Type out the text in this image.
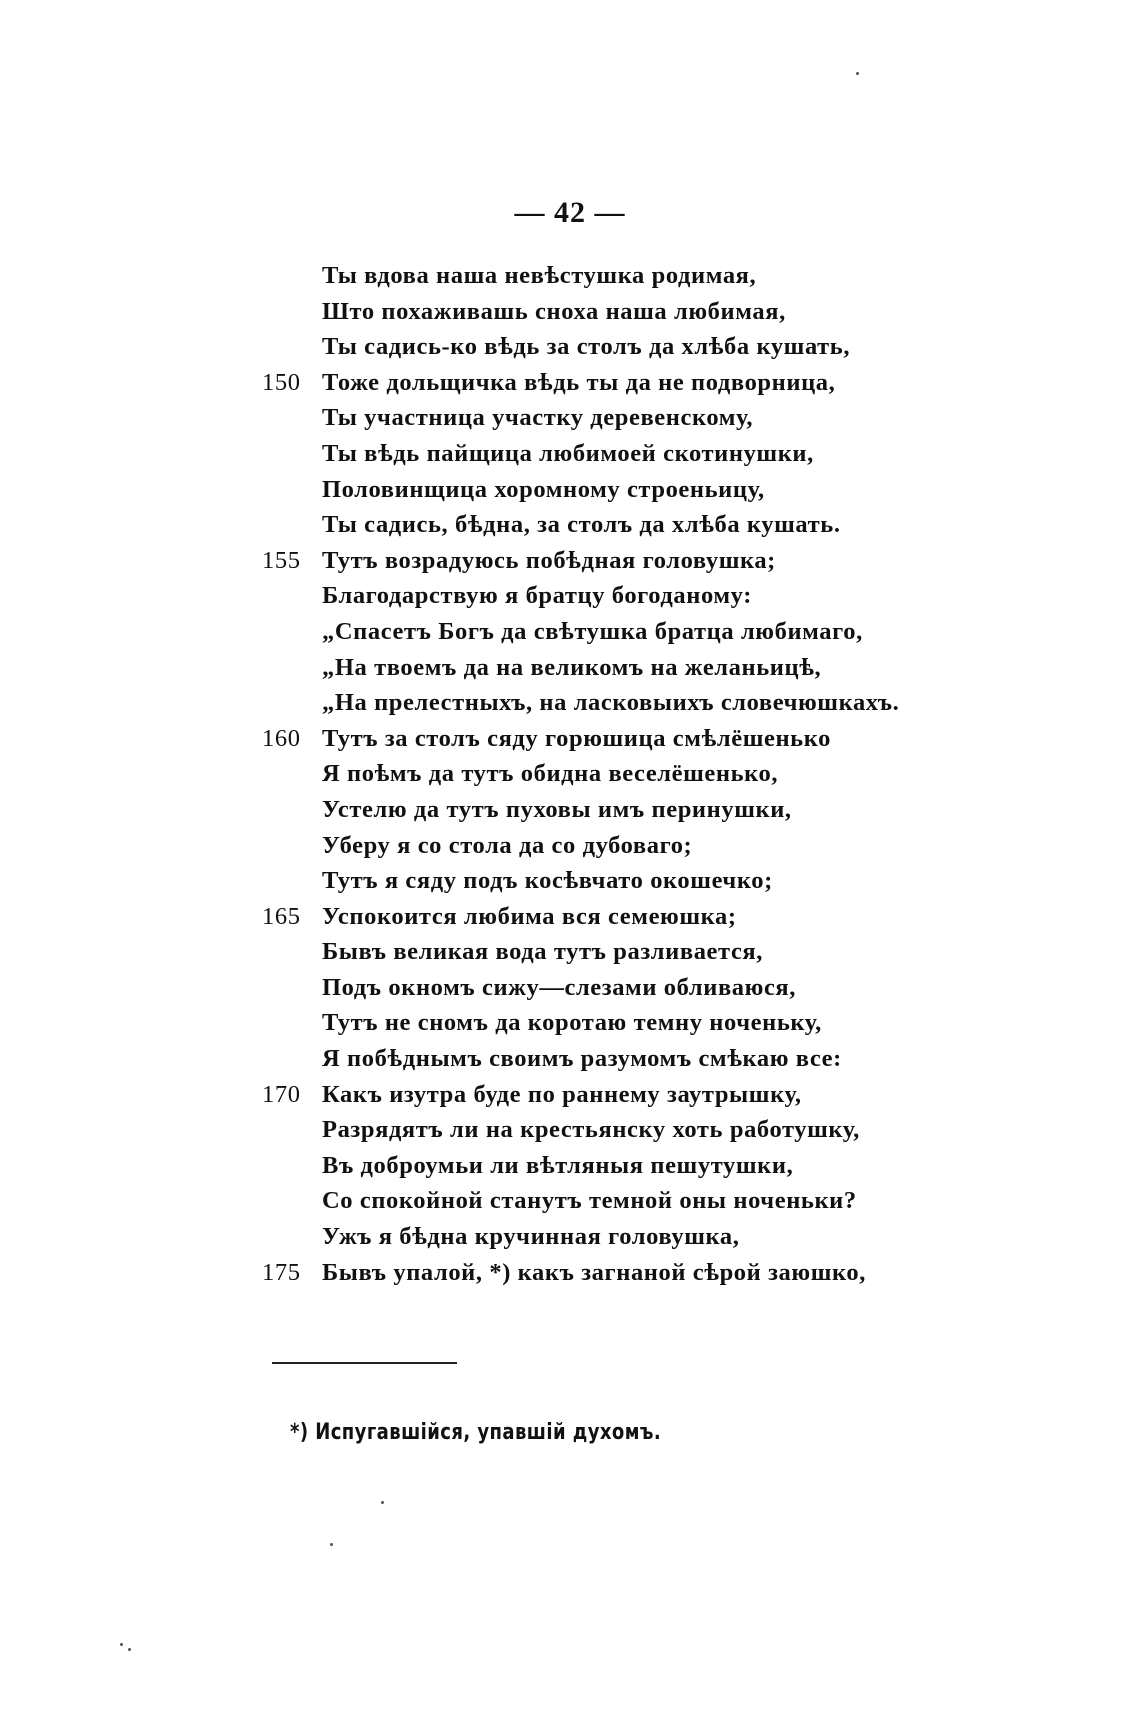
— 42 —
Ты вдова наша невѣстушка родимая,
Што похаживашь сноха наша любимая,
Ты садись-ко вѣдь за столъ да хлѣба кушать,
150 Тоже дольщичка вѣдь ты да не подворница,
Ты участница участку деревенскому,
Ты вѣдь пайщица любимоей скотинушки,
Половинщица хоромному строеньицу,
Ты садись, бѣдна, за столъ да хлѣба кушать.
155 Тутъ возрадуюсь побѣдная головушка;
Благодарствую я братцу богоданому:
„Спасетъ Богъ да свѣтушка братца любимаго,
„На твоемъ да на великомъ на желаньицѣ,
„На прелестныхъ, на ласковыихъ словечюшкахъ.
160 Тутъ за столъ сяду горюшица смѣлёшенько
Я поѣмъ да тутъ обидна веселёшенько,
Устелю да тутъ пуховы имъ перинушки,
Уберу я со стола да со дубоваго;
Тутъ я сяду подъ косѣвчато окошечко;
165 Успокоится любима вся семеюшка;
Бывъ великая вода тутъ разливается,
Подъ окномъ сижу—слезами обливаюся,
Тутъ не сномъ да коротаю темну ноченьку,
Я побѣднымъ своимъ разумомъ смѣкаю все:
170 Какъ изутра буде по раннему заутрышку,
Разрядятъ ли на крестьянску хоть работушку,
Въ доброумьи ли вѣтляныя пешутушки,
Со спокойной станутъ темной оны ноченьки?
Ужъ я бѣдна кручинная головушка,
175 Бывъ упалой, *) какъ загнаной сѣрой заюшко,
*) Испугавшійся, упавшій духомъ.
